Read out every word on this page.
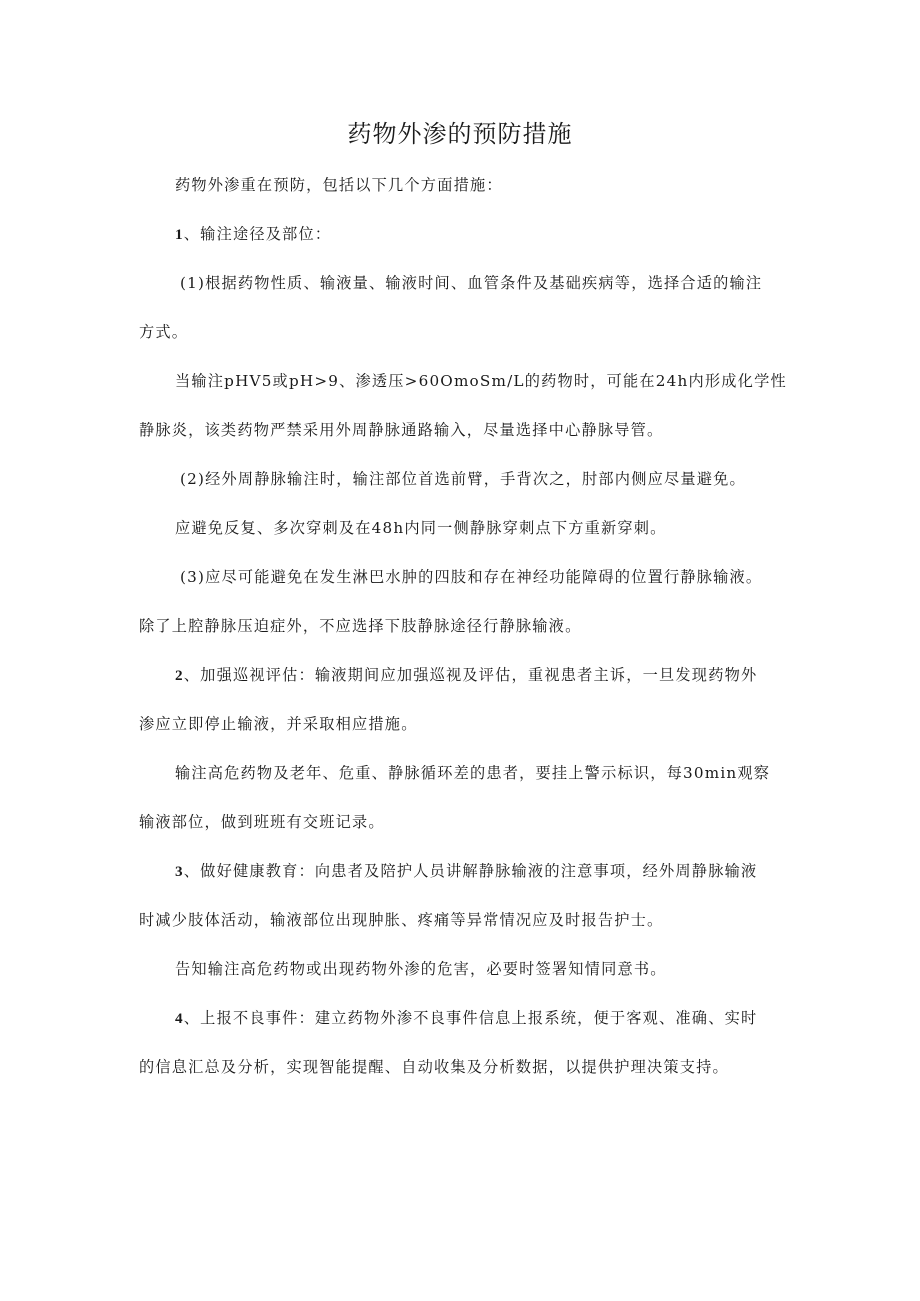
药物外渗的预防措施

药物外渗重在预防，包括以下几个方面措施：

1、输注途径及部位：

(1)根据药物性质、输液量、输液时间、血管条件及基础疾病等，选择合适的输注

方式。

当输注pHV5或pH>9、渗透压>60OmoSm/L的药物时，可能在24h内形成化学性

静脉炎，该类药物严禁采用外周静脉通路输入，尽量选择中心静脉导管。

(2)经外周静脉输注时，输注部位首选前臂，手背次之，肘部内侧应尽量避免。

应避免反复、多次穿刺及在48h内同一侧静脉穿刺点下方重新穿刺。

(3)应尽可能避免在发生淋巴水肿的四肢和存在神经功能障碍的位置行静脉输液。

除了上腔静脉压迫症外，不应选择下肢静脉途径行静脉输液。

2、加强巡视评估：输液期间应加强巡视及评估，重视患者主诉，一旦发现药物外

渗应立即停止输液，并采取相应措施。

输注高危药物及老年、危重、静脉循环差的患者，要挂上警示标识，每30min观察

输液部位，做到班班有交班记录。

3、做好健康教育：向患者及陪护人员讲解静脉输液的注意事项，经外周静脉输液

时减少肢体活动，输液部位出现肿胀、疼痛等异常情况应及时报告护士。

告知输注高危药物或出现药物外渗的危害，必要时签署知情同意书。

4、上报不良事件：建立药物外渗不良事件信息上报系统，便于客观、准确、实时

的信息汇总及分析，实现智能提醒、自动收集及分析数据，以提供护理决策支持。
